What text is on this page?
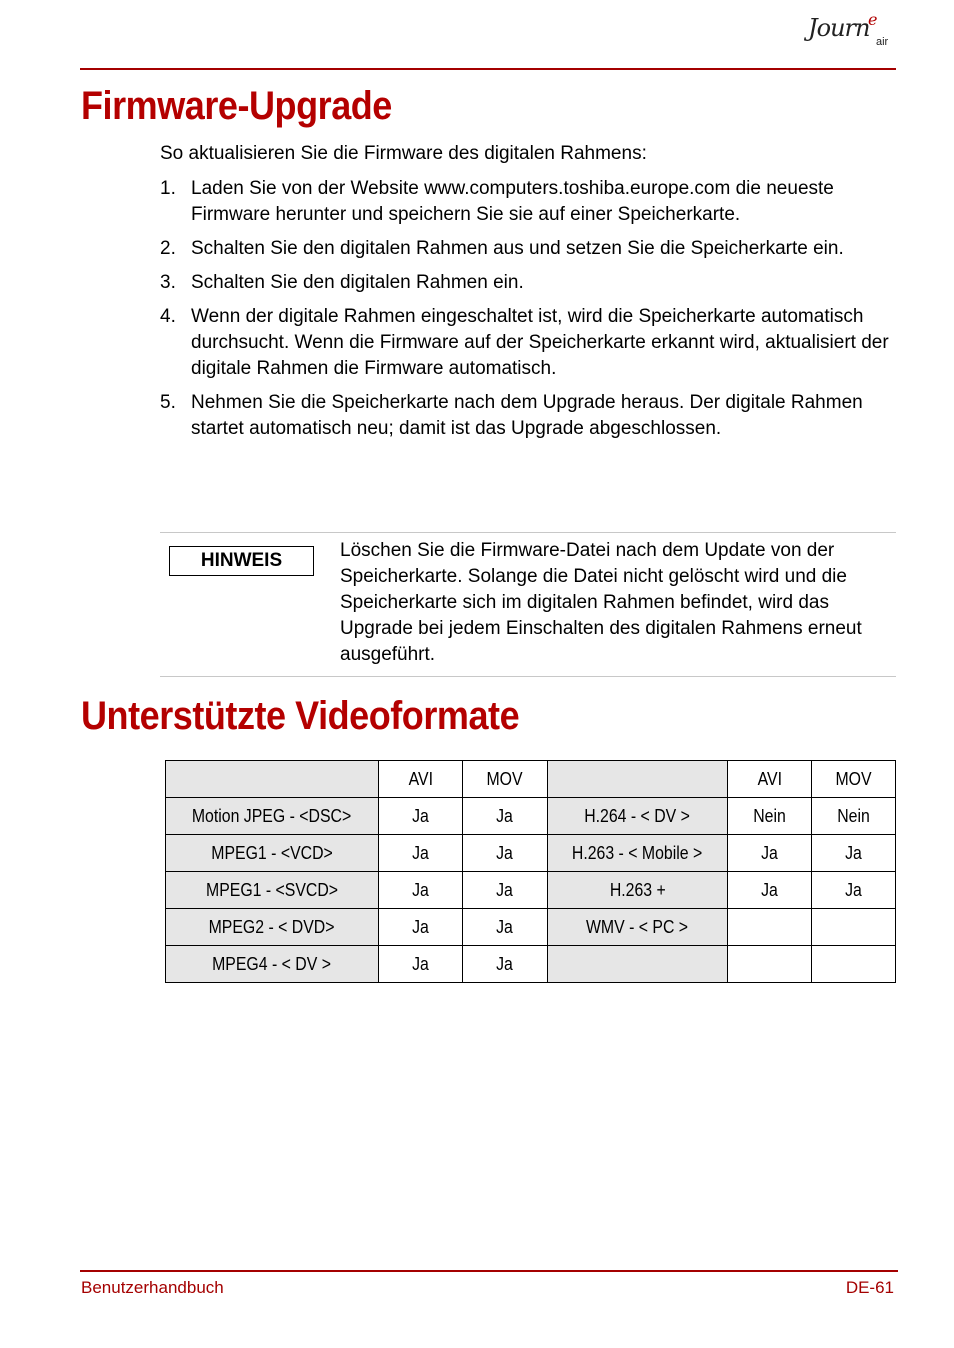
Journ
e
air
Firmware-Upgrade
So aktualisieren Sie die Firmware des digitalen Rahmens:
1. Laden Sie von der Website www.computers.toshiba.europe.com die neueste Firmware herunter und speichern Sie sie auf einer Speicherkarte.
2. Schalten Sie den digitalen Rahmen aus und setzen Sie die Speicherkarte ein.
3. Schalten Sie den digitalen Rahmen ein.
4. Wenn der digitale Rahmen eingeschaltet ist, wird die Speicherkarte automatisch durchsucht. Wenn die Firmware auf der Speicherkarte erkannt wird, aktualisiert der digitale Rahmen die Firmware automatisch.
5. Nehmen Sie die Speicherkarte nach dem Upgrade heraus. Der digitale Rahmen startet automatisch neu; damit ist das Upgrade abgeschlossen.
HINWEIS	Löschen Sie die Firmware-Datei nach dem Update von der Speicherkarte. Solange die Datei nicht gelöscht wird und die Speicherkarte sich im digitalen Rahmen befindet, wird das Upgrade bei jedem Einschalten des digitalen Rahmens erneut ausgeführt.
Unterstützte Videoformate
	AVI	MOV		AVI	MOV
Motion JPEG - <DSC>	Ja	Ja	H.264 - < DV >	Nein	Nein
MPEG1 - <VCD>	Ja	Ja	H.263 - < Mobile >	Ja	Ja
MPEG1 - <SVCD>	Ja	Ja	H.263 +	Ja	Ja
MPEG2 - < DVD>	Ja	Ja	WMV - < PC >		
MPEG4 - < DV >	Ja	Ja			
Benutzerhandbuch	DE-61
